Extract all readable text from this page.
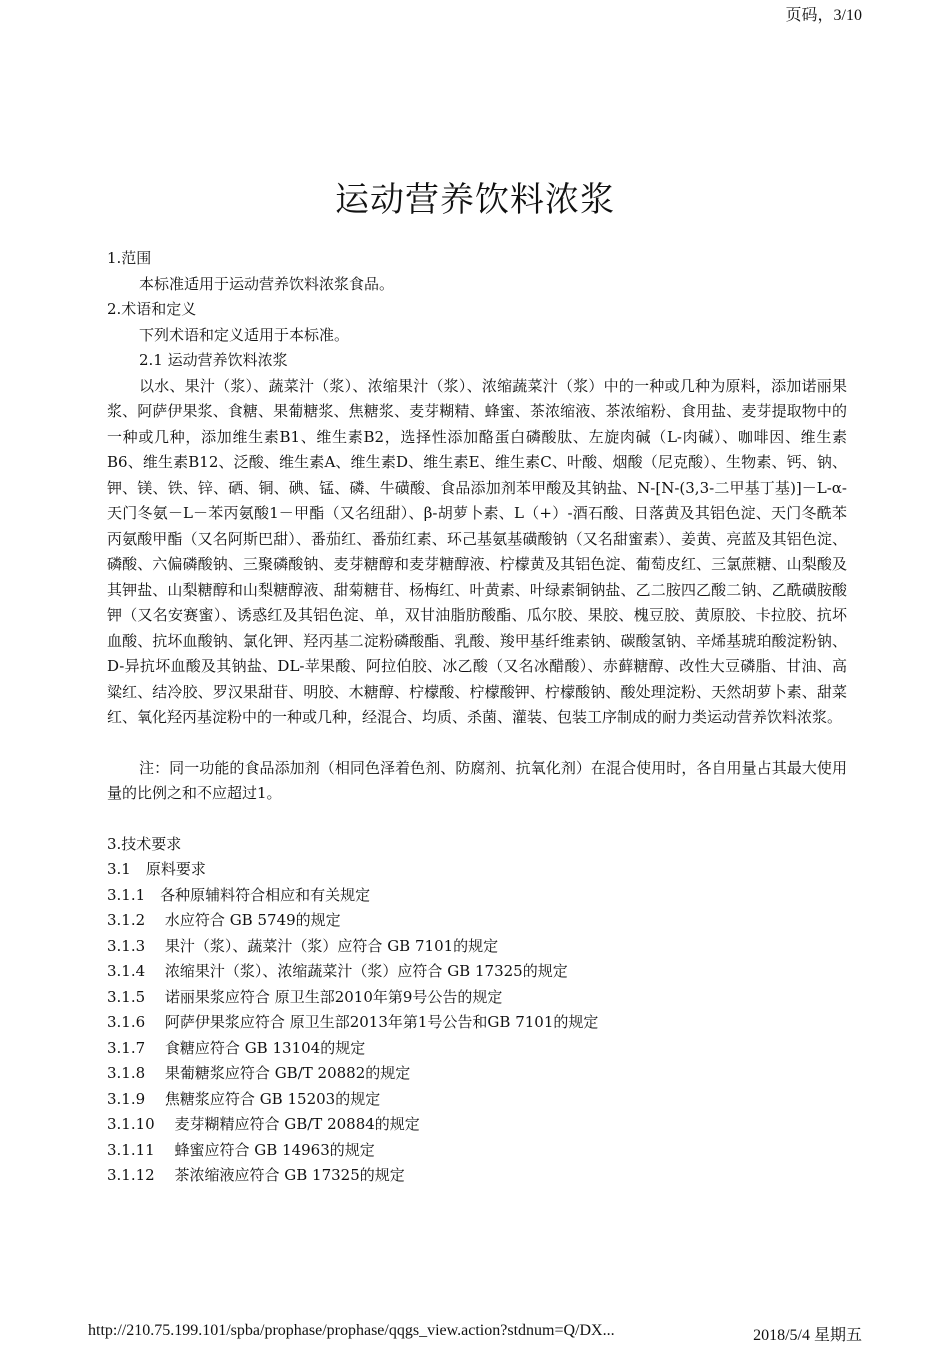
页码，3/10
运动营养饮料浓浆
1.范围
本标准适用于运动营养饮料浓浆食品。
2.术语和定义
下列术语和定义适用于本标准。
2.1 运动营养饮料浓浆
以水、果汁（浆）、蔬菜汁（浆）、浓缩果汁（浆）、浓缩蔬菜汁（浆）中的一种或几种为原料，添加诺丽果浆、阿萨伊果浆、食糖、果葡糖浆、焦糖浆、麦芽糊精、蜂蜜、茶浓缩液、茶浓缩粉、食用盐、麦芽提取物中的一种或几种，添加维生素B1、维生素B2，选择性添加酪蛋白磷酸肽、左旋肉碱（L-肉碱）、咖啡因、维生素B6、维生素B12、泛酸、维生素A、维生素D、维生素E、维生素C、叶酸、烟酸（尼克酸）、生物素、钙、钠、钾、镁、铁、锌、硒、铜、碘、锰、磷、牛磺酸、食品添加剂苯甲酸及其钠盐、N-[N-(3,3-二甲基丁基)]－L-α-天门冬氨－L－苯丙氨酸1－甲酯（又名纽甜）、β-胡萝卜素、L（+）-酒石酸、日落黄及其铝色淀、天门冬酰苯丙氨酸甲酯（又名阿斯巴甜）、番茄红、番茄红素、环己基氨基磺酸钠（又名甜蜜素）、姜黄、亮蓝及其铝色淀、磷酸、六偏磷酸钠、三聚磷酸钠、麦芽糖醇和麦芽糖醇液、柠檬黄及其铝色淀、葡萄皮红、三氯蔗糖、山梨酸及其钾盐、山梨糖醇和山梨糖醇液、甜菊糖苷、杨梅红、叶黄素、叶绿素铜钠盐、乙二胺四乙酸二钠、乙酰磺胺酸钾（又名安赛蜜）、诱惑红及其铝色淀、单，双甘油脂肪酸酯、瓜尔胶、果胶、槐豆胶、黄原胶、卡拉胶、抗坏血酸、抗坏血酸钠、氯化钾、羟丙基二淀粉磷酸酯、乳酸、羧甲基纤维素钠、碳酸氢钠、辛烯基琥珀酸淀粉钠、D-异抗坏血酸及其钠盐、DL-苹果酸、阿拉伯胶、冰乙酸（又名冰醋酸）、赤藓糖醇、改性大豆磷脂、甘油、高粱红、结冷胶、罗汉果甜苷、明胶、木糖醇、柠檬酸、柠檬酸钾、柠檬酸钠、酸处理淀粉、天然胡萝卜素、甜菜红、氧化羟丙基淀粉中的一种或几种，经混合、均质、杀菌、灌装、包装工序制成的耐力类运动营养饮料浓浆。
注：同一功能的食品添加剂（相同色泽着色剂、防腐剂、抗氧化剂）在混合使用时，各自用量占其最大使用量的比例之和不应超过1。
3.技术要求
3.1　原料要求
3.1.1　各种原辅料符合相应和有关规定
3.1.2　 水应符合 GB 5749的规定
3.1.3　 果汁（浆）、蔬菜汁（浆）应符合 GB 7101的规定
3.1.4　 浓缩果汁（浆）、浓缩蔬菜汁（浆）应符合 GB 17325的规定
3.1.5　 诺丽果浆应符合 原卫生部2010年第9号公告的规定
3.1.6　 阿萨伊果浆应符合 原卫生部2013年第1号公告和GB 7101的规定
3.1.7　 食糖应符合 GB 13104的规定
3.1.8　 果葡糖浆应符合 GB/T 20882的规定
3.1.9　 焦糖浆应符合 GB 15203的规定
3.1.10　 麦芽糊精应符合 GB/T 20884的规定
3.1.11　 蜂蜜应符合 GB 14963的规定
3.1.12　 茶浓缩液应符合 GB 17325的规定
http://210.75.199.101/spba/prophase/prophase/qqgs_view.action?stdnum=Q/DX...	2018/5/4 星期五
